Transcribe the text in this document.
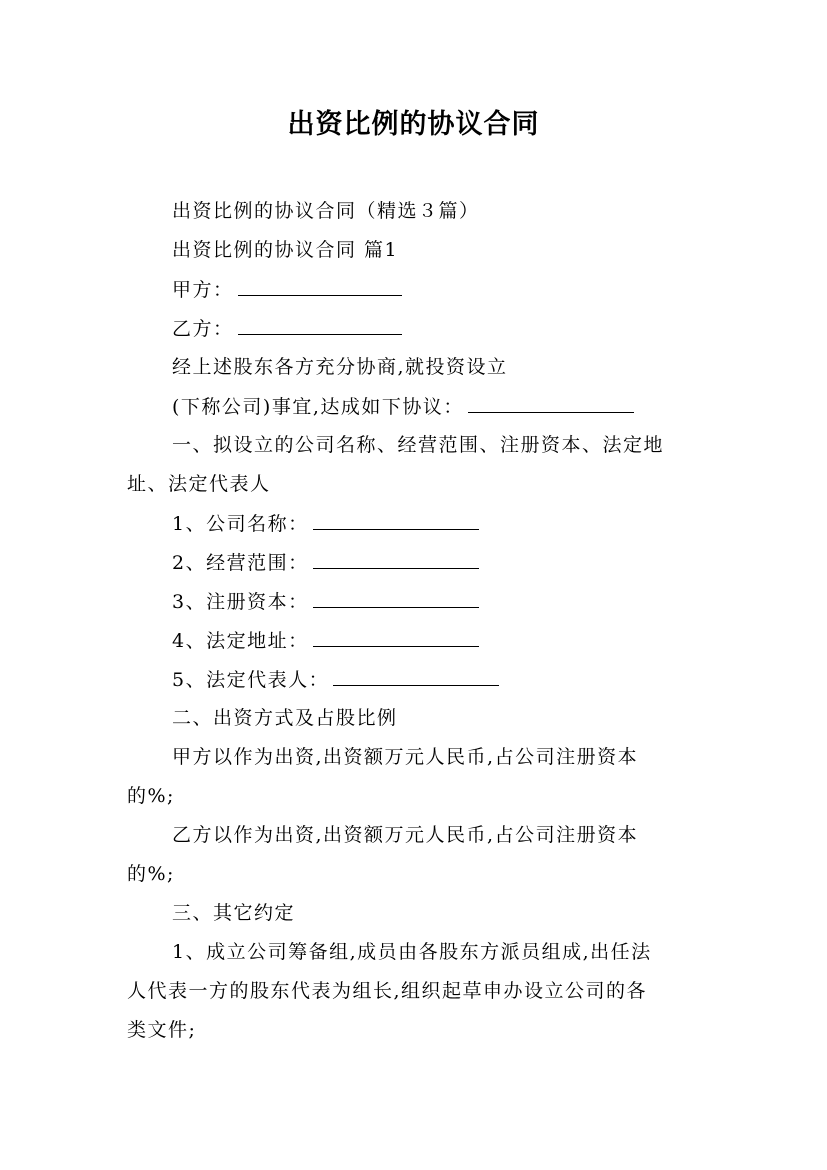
出资比例的协议合同
出资比例的协议合同（精选３篇）
出资比例的协议合同 篇1
甲方：
乙方：
经上述股东各方充分协商,就投资设立
(下称公司)事宜,达成如下协议：
一、拟设立的公司名称、经营范围、注册资本、法定地
址、法定代表人
1、公司名称：
2、经营范围：
3、注册资本：
4、法定地址：
5、法定代表人：
二、出资方式及占股比例
甲方以作为出资,出资额万元人民币,占公司注册资本
的%;
乙方以作为出资,出资额万元人民币,占公司注册资本
的%;
三、其它约定
1、成立公司筹备组,成员由各股东方派员组成,出任法
人代表一方的股东代表为组长,组织起草申办设立公司的各
类文件;
